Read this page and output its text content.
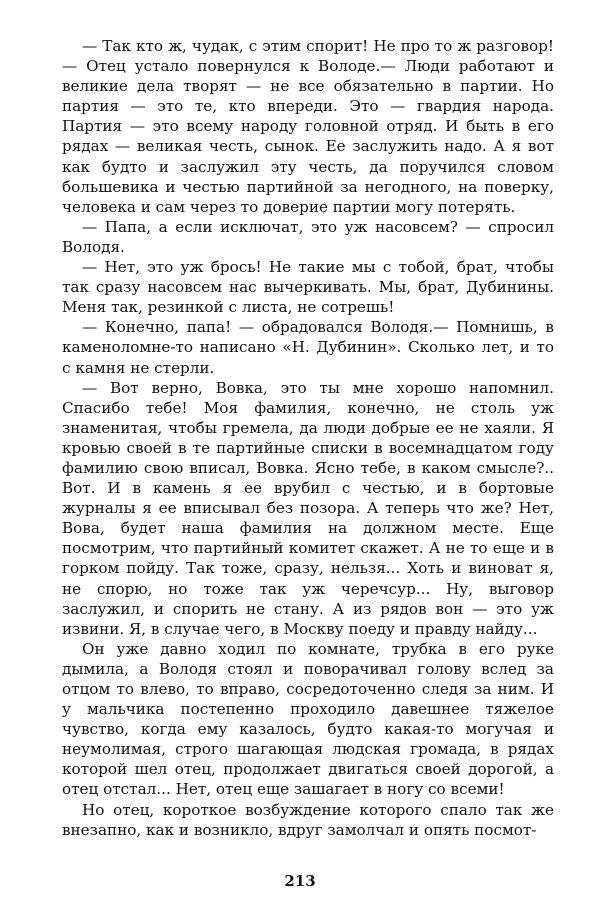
— Так кто ж, чудак, с этим спорит! Не про то ж разговор! — Отец устало повернулся к Володе.— Люди работают и великие дела творят — не все обязательно в партии. Но партия — это те, кто впереди. Это — гвардия народа. Партия — это всему народу головной отряд. И быть в его рядах — великая честь, сынок. Ее заслужить надо. А я вот как будто и заслужил эту честь, да поручился словом большевика и честью партийной за негодного, на поверку, человека и сам через то доверие партии могу потерять.

— Папа, а если исключат, это уж насовсем? — спросил Володя.

— Нет, это уж брось! Не такие мы с тобой, брат, чтобы так сразу насовсем нас вычеркивать. Мы, брат, Дубинины. Меня так, резинкой с листа, не сотрешь!

— Конечно, папа! — обрадовался Володя.— Помнишь, в каменоломне-то написано «Н. Дубинин». Сколько лет, и то с камня не стерли.

— Вот верно, Вовка, это ты мне хорошо напомнил. Спасибо тебе! Моя фамилия, конечно, не столь уж знаменитая, чтобы гремела, да люди добрые ее не хаяли. Я кровью своей в те партийные списки в восемнадцатом году фамилию свою вписал, Вовка. Ясно тебе, в каком смысле?.. Вот. И в камень я ее врубил с честью, и в бортовые журналы я ее вписывал без позора. А теперь что же? Нет, Вова, будет наша фамилия на должном месте. Еще посмотрим, что партийный комитет скажет. А не то еще и в горком пойду. Так тоже, сразу, нельзя... Хоть и виноват я, не спорю, но тоже так уж черечсур... Ну, выговор заслужил, и спорить не стану. А из рядов вон — это уж извини. Я, в случае чего, в Москву поеду и правду найду...

Он уже давно ходил по комнате, трубка в его руке дымила, а Володя стоял и поворачивал голову вслед за отцом то влево, то вправо, сосредоточенно следя за ним. И у мальчика постепенно проходило давешнее тяжелое чувство, когда ему казалось, будто какая-то могучая и неумолимая, строго шагающая людская громада, в рядах которой шел отец, продолжает двигаться своей дорогой, а отец отстал... Нет, отец еще зашагает в ногу со всеми!

Но отец, короткое возбуждение которого спало так же внезапно, как и возникло, вдруг замолчал и опять посмот-

213
